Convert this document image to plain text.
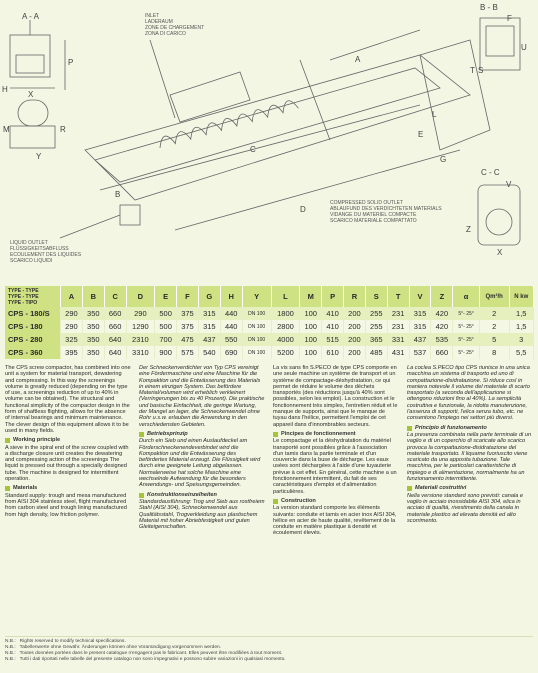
A - A
B - B
C - C
INLET
LADERAUM
ZONE DE CHARGEMENT
ZONA DI CARICO
COMPRESSED SOLID OUTLET
ABLAUFUND DES VERDICHTETEN MATERIALS
VIDANGE DU MATERIEL COMPACTE
SCARICO MATERIALE COMPATTATO
LIQUID OUTLET
FLÜSSIGKEITSABFLUSS
ECOULEMENT DES LIQUIDES
SCARICO LIQUIDI
H
P
X
Y
M	R
F
T S
U
V
Z
X
A
C
D
G
E
L
B
TYPE - TYPE
TYPE - TYPE
TYPE - TIPO	A	B	C	D	E	F	G	H	Y	L	M	P	R	S	T	V	Z	α	Qm³/h	N kw
CPS - 180/S	290	350	660	290	500	375	315	440	DN 100	1800	100	410	200	255	231	315	420	5°- 25°	2	1,5
CPS - 180	290	350	660	1290	500	375	315	440	DN 100	2800	100	410	200	255	231	315	420	5°- 25°	2	1,5
CPS - 280	325	350	640	2310	700	475	437	550	DN 100	4000	100	515	200	365	331	437	535	5°- 25°	5	3
CPS - 360	395	350	640	3310	900	575	540	690	DN 100	5200	100	610	200	485	431	537	660	5°- 25°	8	5,5

The CPS screw compactor, has combined into one unit a system for material transport, dewatering and compressing. In this way the screenings volume is greatly reduced (depending on the type of use, a screenings reduction of up to 40% in volume can be obtained). The structural and functional simplicity of the compactor design in the form of shaftless flighting, allows for the absence of internal bearings and minimum maintenance. The clever design of this equipment allows it to be used in many fields.

Working principle

A sieve in the spiral end of the screw coupled with a discharge closure unit creates the dewatering and compressing action of the screenings The liquid is pressed out through a specially designed tube. The machine is designed for intermittent operation.

Materials

Standard supply: trough and mesa manufactured from AISI 304 stainless steel, flight manufactured from carbon steel and trough lining manufactured from high density, low friction polymer.

Der Schneckenverdichter von Typ CPS vereinigt eine Fördermaschine und eine Maschine für die Kompaktion und die Entwässerung des Materials in einem einzigen System. Das befördere Material/volumen wird erheblich verkleinert (Verringerungen bis zu 40 Prozent). Die praktische und basische Einfachheit, die geringe Wartung, der Mangel an lager, die Schneckenwendel ohne Rohr u.s.w. erlauben die Anwendung in den verschiedensten Gebieten.

Betriebsprinzip

Durch ein Sieb und einen Auslaufdeckel am Förderschneckenendeverbindet wird die Kompaktion und die Entwässerung des befördertes Material erzeugt. Die Flüssigkeit wird durch eine geeignete Leitung abgelassen. Normalerweise hat solche Maschine eine wechselnde Aufwendung für die besonders Anwendungs- und Speisungsgemeinden.

Konstruktionseinzelheiten

Standardausführung: Trog und Sieb aus rostfreiem Stahl (AISI 304), Schneckenwendel aus Qualitätsstahl, Trogverkleidung aus plastischem Material mit hoher Abriebfestigkeit und guten Gleiteigenschaften.

La vis sans fin S.PECO de type CPS comporte en une seule machine un système de transport et un système de compactage-déshydratation, ce qui permet de réduire le volume des déchets transportés (des réductions jusqu'à 40% sont possibles, selon les emploi). La construction et le fonctionnement très simples, l'entretien réduit et le manque de supports, ainsi que le manque de tuyau dans l'hélice, permettent l'emploi de cet appareil dans d'innombrables secteurs.

Pincipes de fonctionnement

Le compactage et la déshydratation du matériel transporté sont possibles grâce à l'association d'un tamis dans la partie terminale et d'un couvercle dans la buse de décharge. Les eaux usées sont déchargées à l'aide d'une tuyauterie prévue à cet effet. En général, cette machine a un fonctionnement intermittent, du fait de ses caractéristiques d'emploi et d'alimentation particulières.

Construction

La version standard comporte les éléments suivants: conduite et tamis en acier inox AISI 304, hélice en acier de haute qualité, revêtement de la conduite en matière plastique à densité et écoulement élevés.

La coclea S.PECO tipo CPS riunisce in una unica macchina un sistema di trasporto ed uno di compattazione-disidratazione. Si riduce cosí in maniera notevole il volume del materiale di scarto trasportato (a seconda dell'applicazione si ottengono riduzioni fino al 40%). La semplicità costruttiva e funzionale, la ridotta manutenzione, l'assenza di supporti, l'elica senza tubo, etc. ne consentono l'impiego nei settori più diversi.

Principio di funzionamento

La presenza combinata nella parte terminale di un vaglio e di un coperchio di scaricate allo scarico provoca la compattazione-disidratazione del materiale trasportato. Il liquame fuoriuscito viene scaricato da una apposita tubazione. Tale macchina, per le particolari caratteristiche di impiego e di alimentazione, normalmente ha un funzionamento intermittente.

Materiali costruttivi

Nella versione standard sono previsti: canala e vaglio in acciaio inossidabile AISI 304, elica in acciaio di qualità, rivestimento della canala in materiale plastico ad elevata densità ed alto scorrimento.

N.B.: Rights reserved to modify technical specifications.
N.B.: Tabellenwerte ohne Gewähr. Änderungen können ohne Voranündigung vorgenommen werden.
N.B.: Toutes données portées dans le present catalogue n'engagent pas le fabricant. Elles peuvent être modifiées à tout moment.
N.B.: Tutti i dati riportati nelle tabelle del presente catalogo non sono impegnativi e possono subire variazioni in qualsiasi momento.
